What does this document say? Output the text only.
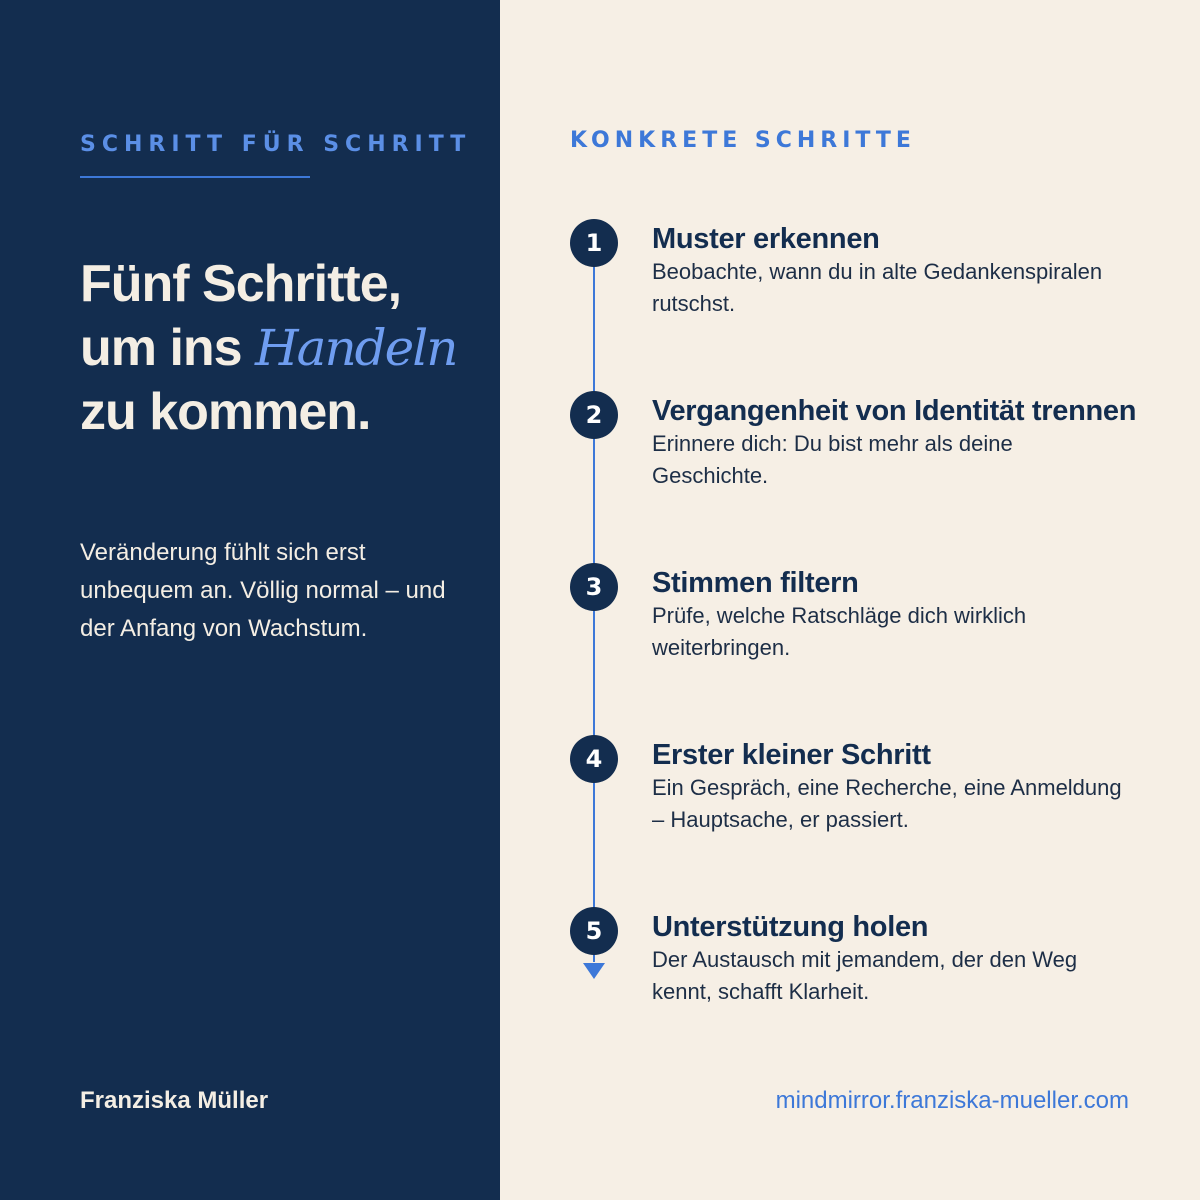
SCHRITT FÜR SCHRITT
Fünf Schritte,
um ins Handeln
zu kommen.
Veränderung fühlt sich erst unbequem an. Völlig normal – und der Anfang von Wachstum.
Franziska Müller
KONKRETE SCHRITTE
1	Muster erkennen
Beobachte, wann du in alte Gedankenspiralen rutschst.
2	Vergangenheit von Identität trennen
Erinnere dich: Du bist mehr als deine Geschichte.
3	Stimmen filtern
Prüfe, welche Ratschläge dich wirklich weiterbringen.
4	Erster kleiner Schritt
Ein Gespräch, eine Recherche, eine Anmeldung – Hauptsache, er passiert.
5	Unterstützung holen
Der Austausch mit jemandem, der den Weg kennt, schafft Klarheit.
mindmirror.franziska-mueller.com
